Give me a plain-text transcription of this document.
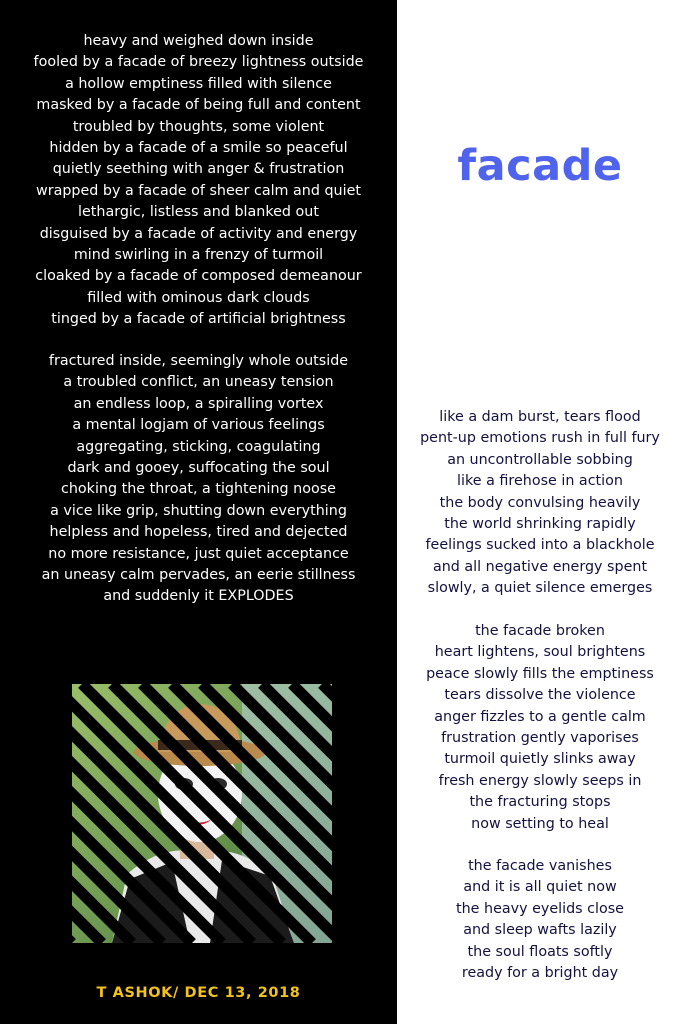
facade
heavy and weighed down inside
fooled by a facade of breezy lightness outside
a hollow emptiness filled with silence
masked by a facade of being full and content
troubled by thoughts, some violent
hidden by a facade of a smile so peaceful
quietly seething with anger & frustration
wrapped by a facade of sheer calm and quiet
lethargic, listless and blanked out
disguised by a facade of activity and energy
mind swirling in a frenzy of turmoil
cloaked by a facade of composed demeanour
filled with ominous dark clouds
tinged by a facade of artificial brightness
fractured inside, seemingly whole outside
a troubled conflict, an uneasy tension
an endless loop, a spiralling vortex
a mental logjam of various feelings
aggregating, sticking, coagulating
dark and gooey, suffocating the soul
choking the throat, a tightening noose
a vice like grip, shutting down everything
helpless and hopeless, tired and dejected
no more resistance, just quiet acceptance
an uneasy calm pervades, an eerie stillness
and suddenly it EXPLODES
like a dam burst, tears flood
pent-up emotions rush in full fury
an uncontrollable sobbing
like a firehose in action
the body convulsing heavily
the world shrinking rapidly
feelings sucked into a blackhole
and all negative energy spent
slowly, a quiet silence emerges
the facade broken
heart lightens, soul brightens
peace slowly fills the emptiness
tears dissolve the violence
anger fizzles to a gentle calm
frustration gently vaporises
turmoil quietly slinks away
fresh energy slowly seeps in
the fracturing stops
now setting to heal
the facade vanishes
and it is all quiet now
the heavy eyelids close
and sleep wafts lazily
the soul floats softly
ready for a bright day

T ASHOK/ DEC 13, 2018
